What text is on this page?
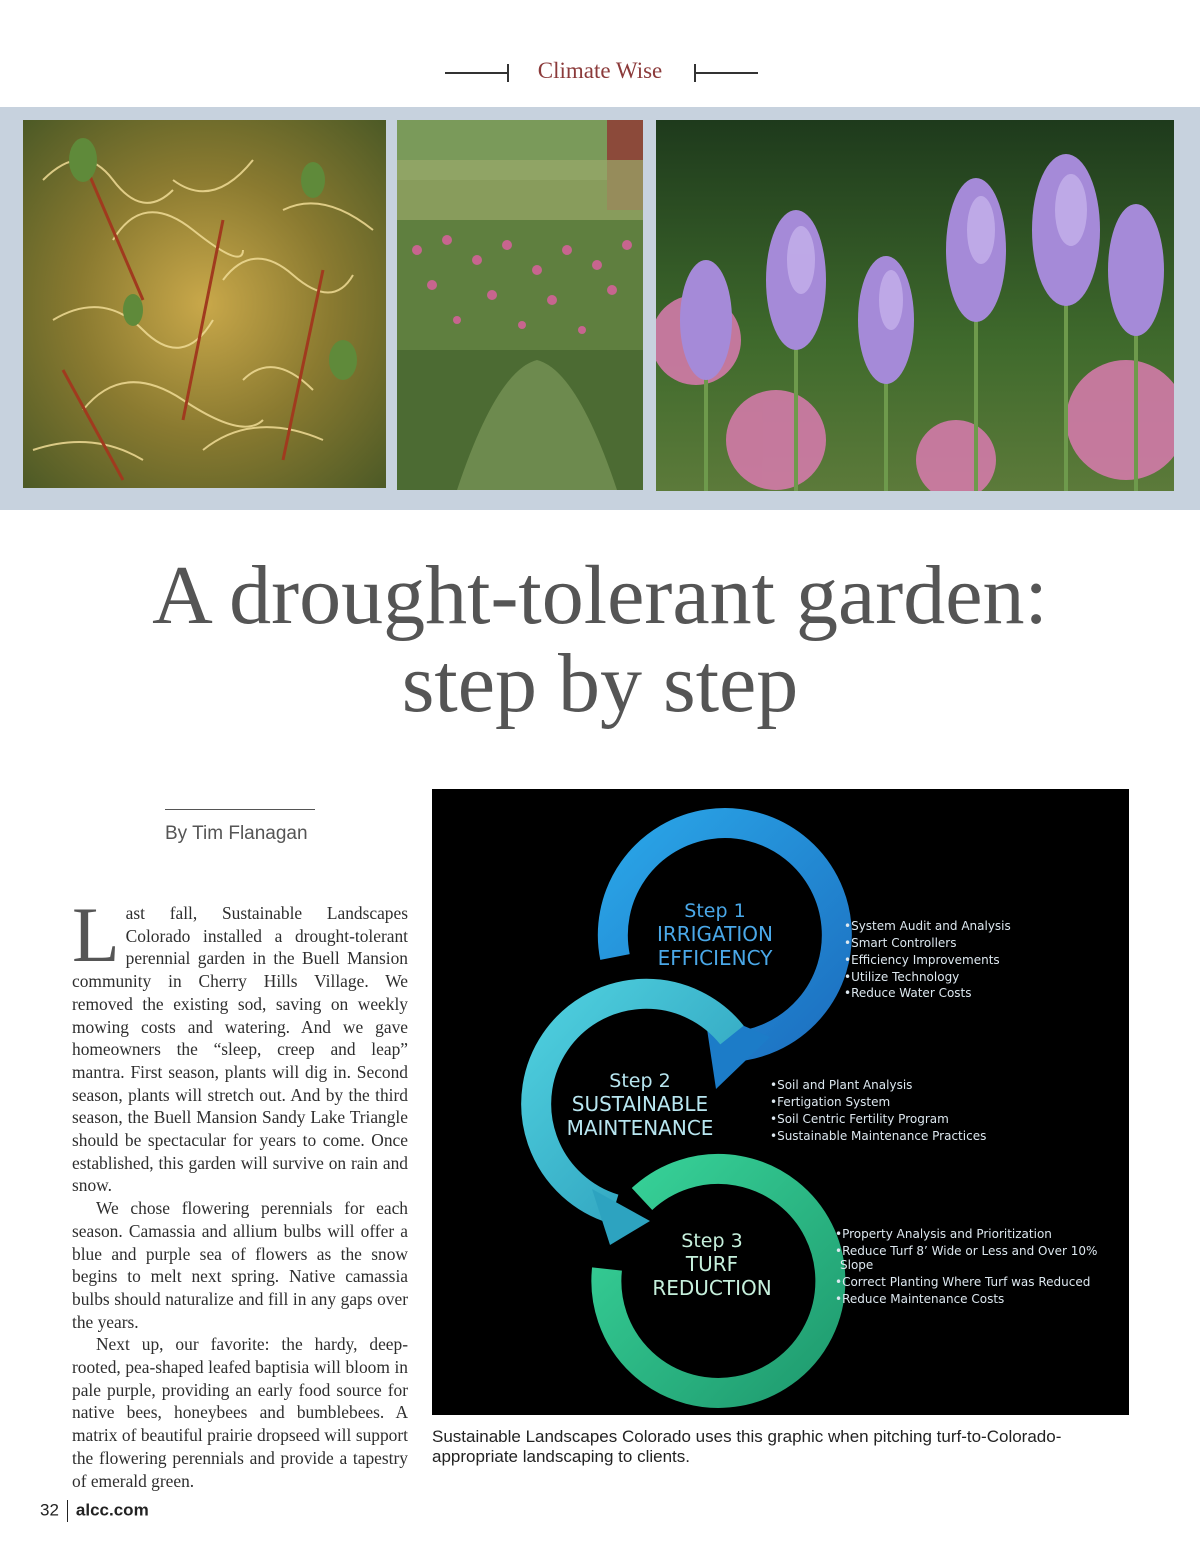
Climate Wise
A drought-tolerant garden:
step by step
By Tim Flanagan

Last fall, Sustainable Landscapes Colorado installed a drought-tolerant perennial garden in the Buell Mansion community in Cherry Hills Village. We removed the existing sod, saving on weekly mowing costs and watering. And we gave homeowners the “sleep, creep and leap” mantra. First season, plants will dig in. Second season, plants will stretch out. And by the third season, the Buell Mansion Sandy Lake Triangle should be spectacular for years to come. Once established, this garden will survive on rain and snow.

We chose flowering perennials for each season. Camassia and allium bulbs will offer a blue and purple sea of flowers as the snow begins to melt next spring. Native camassia bulbs should naturalize and fill in any gaps over the years.

Next up, our favorite: the hardy, deep-rooted, pea-shaped leafed baptisia will bloom in pale purple, providing an early food source for native bees, honeybees and bumblebees. A matrix of beautiful prairie dropseed will support the flowering perennials and provide a tapestry of emerald green.

Step 1
IRRIGATION
EFFICIENCY
Step 2
SUSTAINABLE
MAINTENANCE
Step 3
TURF
REDUCTION
•System Audit and Analysis
•Smart Controllers
•Efficiency Improvements
•Utilize Technology
•Reduce Water Costs
•Soil and Plant Analysis
•Fertigation System
•Soil Centric Fertility Program
•Sustainable Maintenance Practices
•Property Analysis and Prioritization
•Reduce Turf 8’ Wide or Less and Over 10%
Slope
•Correct Planting Where Turf was Reduced
•Reduce Maintenance Costs
Sustainable Landscapes Colorado uses this graphic when pitching turf-to-Colorado-appropriate landscaping to clients.
32 alcc.com
